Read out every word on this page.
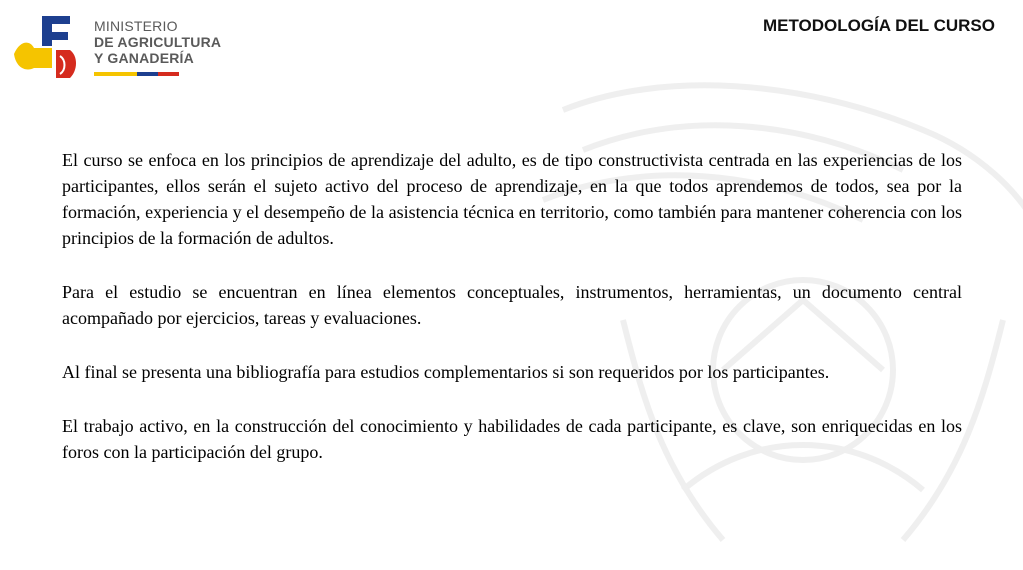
MINISTERIO
DE AGRICULTURA
Y GANADERÍA
METODOLOGÍA DEL CURSO

El curso se enfoca en los principios de aprendizaje del adulto, es de tipo constructivista centrada en las experiencias de los participantes, ellos serán el sujeto activo del proceso de aprendizaje, en la que todos aprendemos de todos, sea por la formación, experiencia y el desempeño de la asistencia técnica en territorio, como también para mantener coherencia con los principios de la formación de adultos.

Para el estudio se encuentran en línea elementos conceptuales, instrumentos, herramientas, un documento central acompañado por ejercicios, tareas y evaluaciones.

Al final se presenta una bibliografía para estudios complementarios si son requeridos por los participantes.

El trabajo activo, en la construcción del conocimiento y habilidades de cada participante, es clave, son enriquecidas en los foros con la participación del grupo.
